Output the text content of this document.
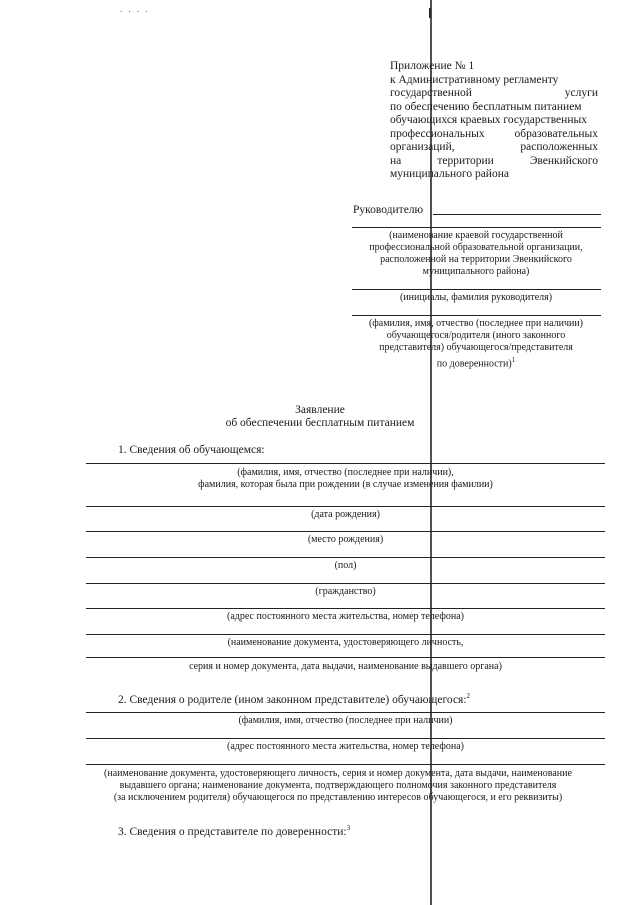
. . . .
Приложение № 1
к Административному регламенту
государственной	услуги
по обеспечению бесплатным питанием
обучающихся краевых государственных
профессиональных	образовательных
организаций,	расположенных
на	территории	Эвенкийского
муниципального района
Руководителю
(наименование краевой государственной
профессиональной образовательной организации,
расположенной на территории Эвенкийского
муниципального района)
(инициалы, фамилия руководителя)
(фамилия, имя, отчество (последнее при наличии)
обучающегося/родителя (иного законного
представителя) обучающегося/представителя
по доверенности)$^1$
Заявление
об обеспечении бесплатным питанием
1. Сведения об обучающемся:
(фамилия, имя, отчество (последнее при наличии),
фамилия, которая была при рождении (в случае изменения фамилии)
(дата рождения)
(место рождения)
(пол)
(гражданство)
(адрес постоянного места жительства, номер телефона)
(наименование документа, удостоверяющего личность,
серия и номер документа, дата выдачи, наименование выдавшего органа)
2. Сведения о родителе (ином законном представителе) обучающегося:$^2$
(фамилия, имя, отчество (последнее при наличии)
(адрес постоянного места жительства, номер телефона)
(наименование документа, удостоверяющего личность, серия и номер документа, дата выдачи, наименование
выдавшего органа; наименование документа, подтверждающего полномочия законного представителя
(за исключением родителя) обучающегося по представлению интересов обучающегося, и его реквизиты)
3. Сведения о представителе по доверенности:$^3$
